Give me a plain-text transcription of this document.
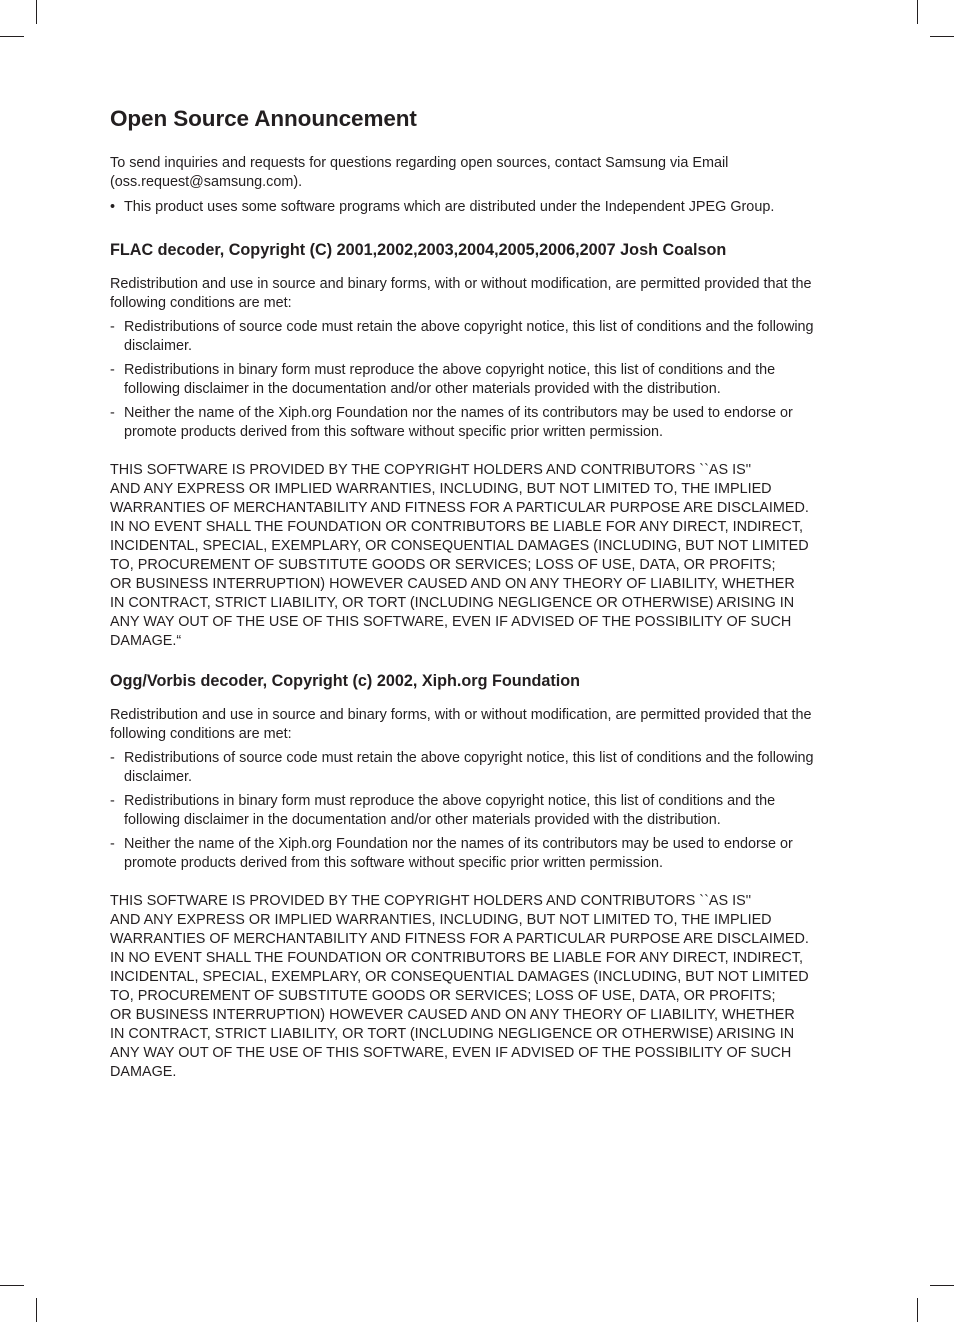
Open Source Announcement

To send inquiries and requests for questions regarding open sources, contact Samsung via Email (oss.request@samsung.com).

• This product uses some software programs which are distributed under the Independent JPEG Group.

FLAC decoder, Copyright (C) 2001,2002,2003,2004,2005,2006,2007 Josh Coalson

Redistribution and use in source and binary forms, with or without modification, are permitted provided that the following conditions are met:

- Redistributions of source code must retain the above copyright notice, this list of conditions and the following disclaimer.
- Redistributions in binary form must reproduce the above copyright notice, this list of conditions and the following disclaimer in the documentation and/or other materials provided with the distribution.
- Neither the name of the Xiph.org Foundation nor the names of its contributors may be used to endorse or promote products derived from this software without specific prior written permission.
THIS SOFTWARE IS PROVIDED BY THE COPYRIGHT HOLDERS AND CONTRIBUTORS ``AS IS''
AND ANY EXPRESS OR IMPLIED WARRANTIES, INCLUDING, BUT NOT LIMITED TO, THE IMPLIED
WARRANTIES OF MERCHANTABILITY AND FITNESS FOR A PARTICULAR PURPOSE ARE DISCLAIMED.
IN NO EVENT SHALL THE FOUNDATION OR CONTRIBUTORS BE LIABLE FOR ANY DIRECT, INDIRECT,
INCIDENTAL, SPECIAL, EXEMPLARY, OR CONSEQUENTIAL DAMAGES (INCLUDING, BUT NOT LIMITED
TO, PROCUREMENT OF SUBSTITUTE GOODS OR SERVICES; LOSS OF USE, DATA, OR PROFITS;
OR BUSINESS INTERRUPTION) HOWEVER CAUSED AND ON ANY THEORY OF LIABILITY, WHETHER
IN CONTRACT, STRICT LIABILITY, OR TORT (INCLUDING NEGLIGENCE OR OTHERWISE) ARISING IN
ANY WAY OUT OF THE USE OF THIS SOFTWARE, EVEN IF ADVISED OF THE POSSIBILITY OF SUCH
DAMAGE.“
Ogg/Vorbis decoder, Copyright (c) 2002, Xiph.org Foundation

Redistribution and use in source and binary forms, with or without modification, are permitted provided that the following conditions are met:

- Redistributions of source code must retain the above copyright notice, this list of conditions and the following disclaimer.
- Redistributions in binary form must reproduce the above copyright notice, this list of conditions and the following disclaimer in the documentation and/or other materials provided with the distribution.
- Neither the name of the Xiph.org Foundation nor the names of its contributors may be used to endorse or promote products derived from this software without specific prior written permission.
THIS SOFTWARE IS PROVIDED BY THE COPYRIGHT HOLDERS AND CONTRIBUTORS ``AS IS''
AND ANY EXPRESS OR IMPLIED WARRANTIES, INCLUDING, BUT NOT LIMITED TO, THE IMPLIED
WARRANTIES OF MERCHANTABILITY AND FITNESS FOR A PARTICULAR PURPOSE ARE DISCLAIMED.
IN NO EVENT SHALL THE FOUNDATION OR CONTRIBUTORS BE LIABLE FOR ANY DIRECT, INDIRECT,
INCIDENTAL, SPECIAL, EXEMPLARY, OR CONSEQUENTIAL DAMAGES (INCLUDING, BUT NOT LIMITED
TO, PROCUREMENT OF SUBSTITUTE GOODS OR SERVICES; LOSS OF USE, DATA, OR PROFITS;
OR BUSINESS INTERRUPTION) HOWEVER CAUSED AND ON ANY THEORY OF LIABILITY, WHETHER
IN CONTRACT, STRICT LIABILITY, OR TORT (INCLUDING NEGLIGENCE OR OTHERWISE) ARISING IN
ANY WAY OUT OF THE USE OF THIS SOFTWARE, EVEN IF ADVISED OF THE POSSIBILITY OF SUCH
DAMAGE.
